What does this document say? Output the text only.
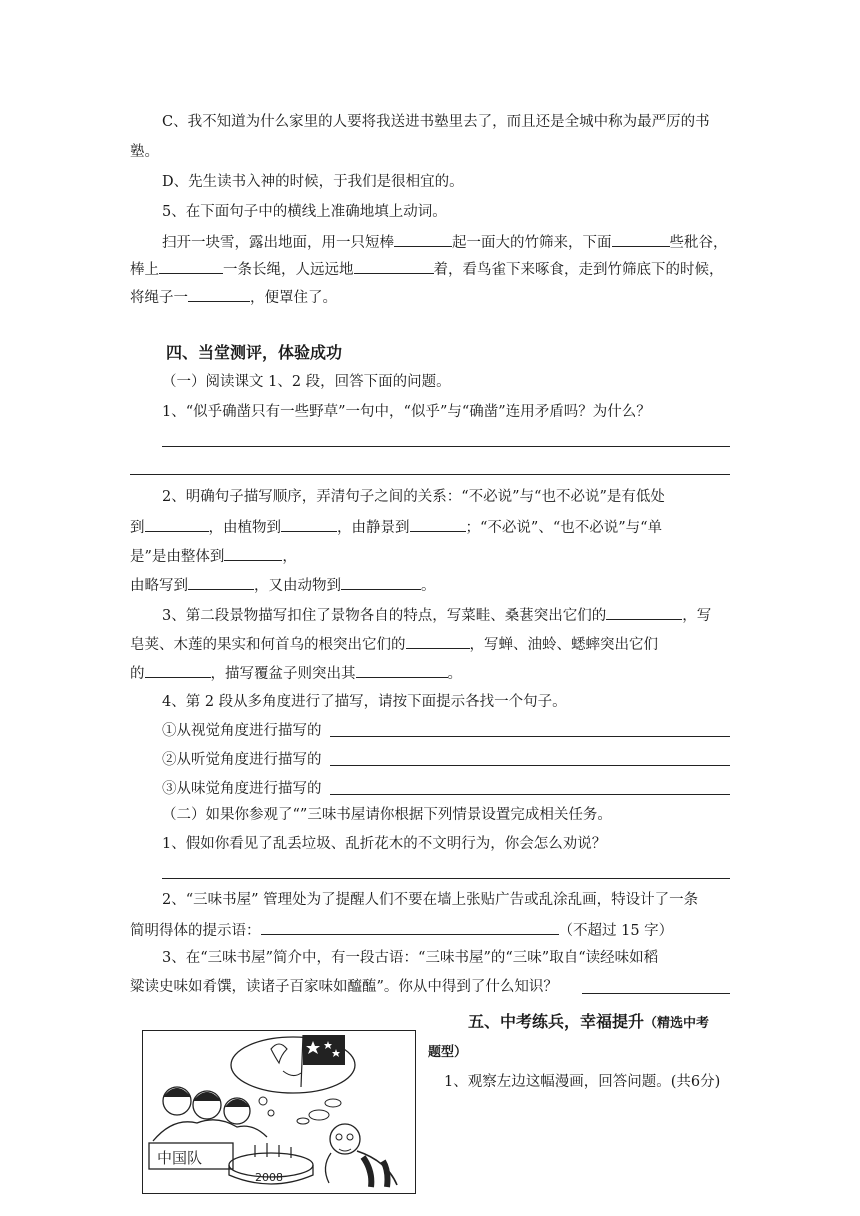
C、我不知道为什么家里的人要将我送进书塾里去了，而且还是全城中称为最严厉的书
塾。
D、先生读书入神的时候，于我们是很相宜的。
5、在下面句子中的横线上准确地填上动词。
扫开一块雪，露出地面，用一只短棒	起一面大的竹筛来，下面	些秕谷，
棒上	一条长绳，人远远地	着，看鸟雀下来啄食，走到竹筛底下的时候，
将绳子一	，便罩住了。
四、当堂测评，体验成功
（一）阅读课文 1、2 段，回答下面的问题。
1、“似乎确凿只有一些野草”一句中，“似乎”与“确凿”连用矛盾吗？为什么？
2、明确句子描写顺序，弄清句子之间的关系：“不必说”与“也不必说”是有低处
到	，由植物到	，由静景到	；“不必说”、“也不必说”与“单
是”是由整体到	，
由略写到	，又由动物到	。
3、第二段景物描写扣住了景物各自的特点，写菜畦、桑葚突出它们的	，写
皂荚、木莲的果实和何首乌的根突出它们的	，写蝉、油蛉、蟋蟀突出它们
的	，描写覆盆子则突出其	。
4、第 2 段从多角度进行了描写，请按下面提示各找一个句子。
①从视觉角度进行描写的
②从听觉角度进行描写的
③从味觉角度进行描写的
（二）如果你参观了“”三味书屋请你根据下列情景设置完成相关任务。
1、假如你看见了乱丢垃圾、乱折花木的不文明行为，你会怎么劝说？
2、“三味书屋” 管理处为了提醒人们不要在墙上张贴广告或乱涂乱画，特设计了一条
简明得体的提示语：	（不超过 15 字）
3、在“三味书屋”简介中，有一段古语：“三味书屋”的“三味”取自“读经味如稻
粱读史味如肴馔，读诸子百家味如醯醢”。你从中得到了什么知识？
五、中考练兵，幸福提升（精选中考
题型）
1、观察左边这幅漫画，回答问题。(共6分)
中国队
2008
